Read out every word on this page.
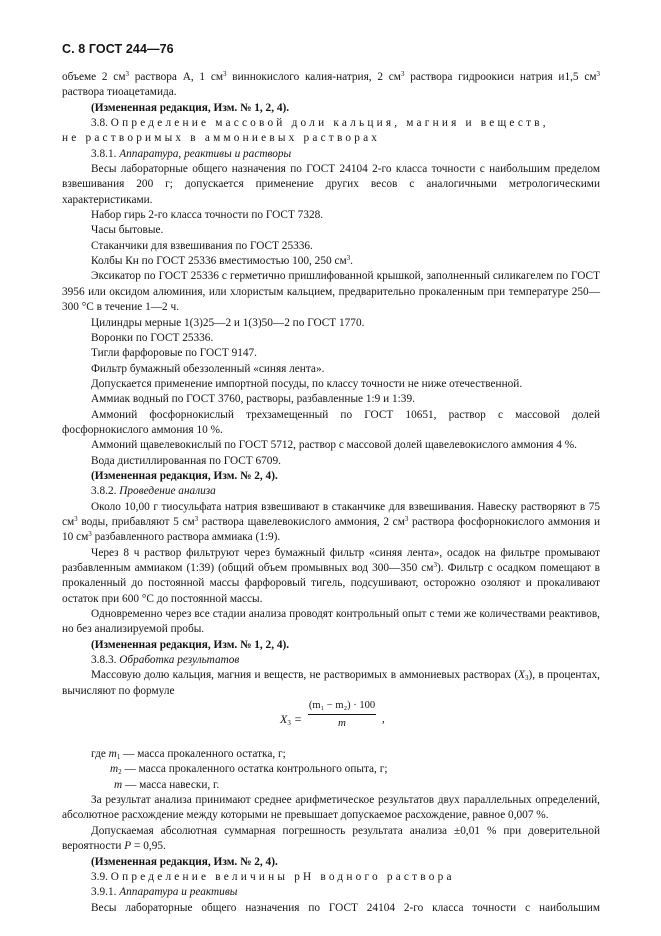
С. 8 ГОСТ 244—76

объеме 2 $см^3$ раствора А, 1 $см^3$ виннокислого калия-натрия, 2 $см^3$ раствора гидроокиси натрия и1,5 $см^3$ раствора тиоацетамида.

(Измененная редакция, Изм. № 1, 2, 4).

3.8. Определение массовой доли кальция, магния и веществ,

не растворимых в аммониевых растворах

3.8.1. Аппаратура, реактивы и растворы

Весы лабораторные общего назначения по ГОСТ 24104 2-го класса точности с наибольшим пределом взвешивания 200 г; допускается применение других весов с аналогичными метрологическими характеристиками.

Набор гирь 2-го класса точности по ГОСТ 7328.

Часы бытовые.

Стаканчики для взвешивания по ГОСТ 25336.

Колбы Кн по ГОСТ 25336 вместимостью 100, 250 $см^3$.

Эксикатор по ГОСТ 25336 с герметично пришлифованной крышкой, заполненный силикагелем по ГОСТ 3956 или оксидом алюминия, или хлористым кальцием, предварительно прокаленным при температуре 250—300 °С в течение 1—2 ч.

Цилиндры мерные 1(3)25—2 и 1(3)50—2 по ГОСТ 1770.

Воронки по ГОСТ 25336.

Тигли фарфоровые по ГОСТ 9147.

Фильтр бумажный обеззоленный «синяя лента».

Допускается применение импортной посуды, по классу точности не ниже отечественной.

Аммиак водный по ГОСТ 3760, растворы, разбавленные 1:9 и 1:39.

Аммоний фосфорнокислый трехзамещенный по ГОСТ 10651, раствор с массовой долей фосфорнокислого аммония 10 %.

Аммоний щавелевокислый по ГОСТ 5712, раствор с массовой долей щавелевокислого аммония 4 %.

Вода дистиллированная по ГОСТ 6709.

(Измененная редакция, Изм. № 2, 4).

3.8.2. Проведение анализа

Около 10,00 г тиосульфата натрия взвешивают в стаканчике для взвешивания. Навеску растворяют в 75 $см^3$ воды, прибавляют 5 $см^3$ раствора щавелевокислого аммония, 2 $см^3$ раствора фосфорнокислого аммония и 10 $см^3$ разбавленного раствора аммиака (1:9).

Через 8 ч раствор фильтруют через бумажный фильтр «синяя лента», осадок на фильтре промывают разбавленным аммиаком (1:39) (общий объем промывных вод 300—350 $см^3$). Фильтр с осадком помещают в прокаленный до постоянной массы фарфоровый тигель, подсушивают, осторожно озоляют и прокаливают остаток при 600 °С до постоянной массы.

Одновременно через все стадии анализа проводят контрольный опыт с теми же количествами реактивов, но без анализируемой пробы.

(Измененная редакция, Изм. № 1, 2, 4).

3.8.3. Обработка результатов

Массовую долю кальция, магния и веществ, не растворимых в аммониевых растворах $(X_3)$, в процентах, вычисляют по формуле

$X_3$ =
(m₁ − m₂) · 100
m	,
где $m_1$ — масса прокаленного остатка, г;
$m_2$ — масса прокаленного остатка контрольного опыта, г;
m — масса навески, г.

За результат анализа принимают среднее арифметическое результатов двух параллельных определений, абсолютное расхождение между которыми не превышает допускаемое расхождение, равное 0,007 %.

Допускаемая абсолютная суммарная погрешность результата анализа ±0,01 % при доверительной вероятности P = 0,95.

(Измененная редакция, Изм. № 2, 4).

3.9. Определение величины рН водного раствора

3.9.1. Аппаратура и реактивы

Весы лабораторные общего назначения по ГОСТ 24104 2-го класса точности с наибольшим
